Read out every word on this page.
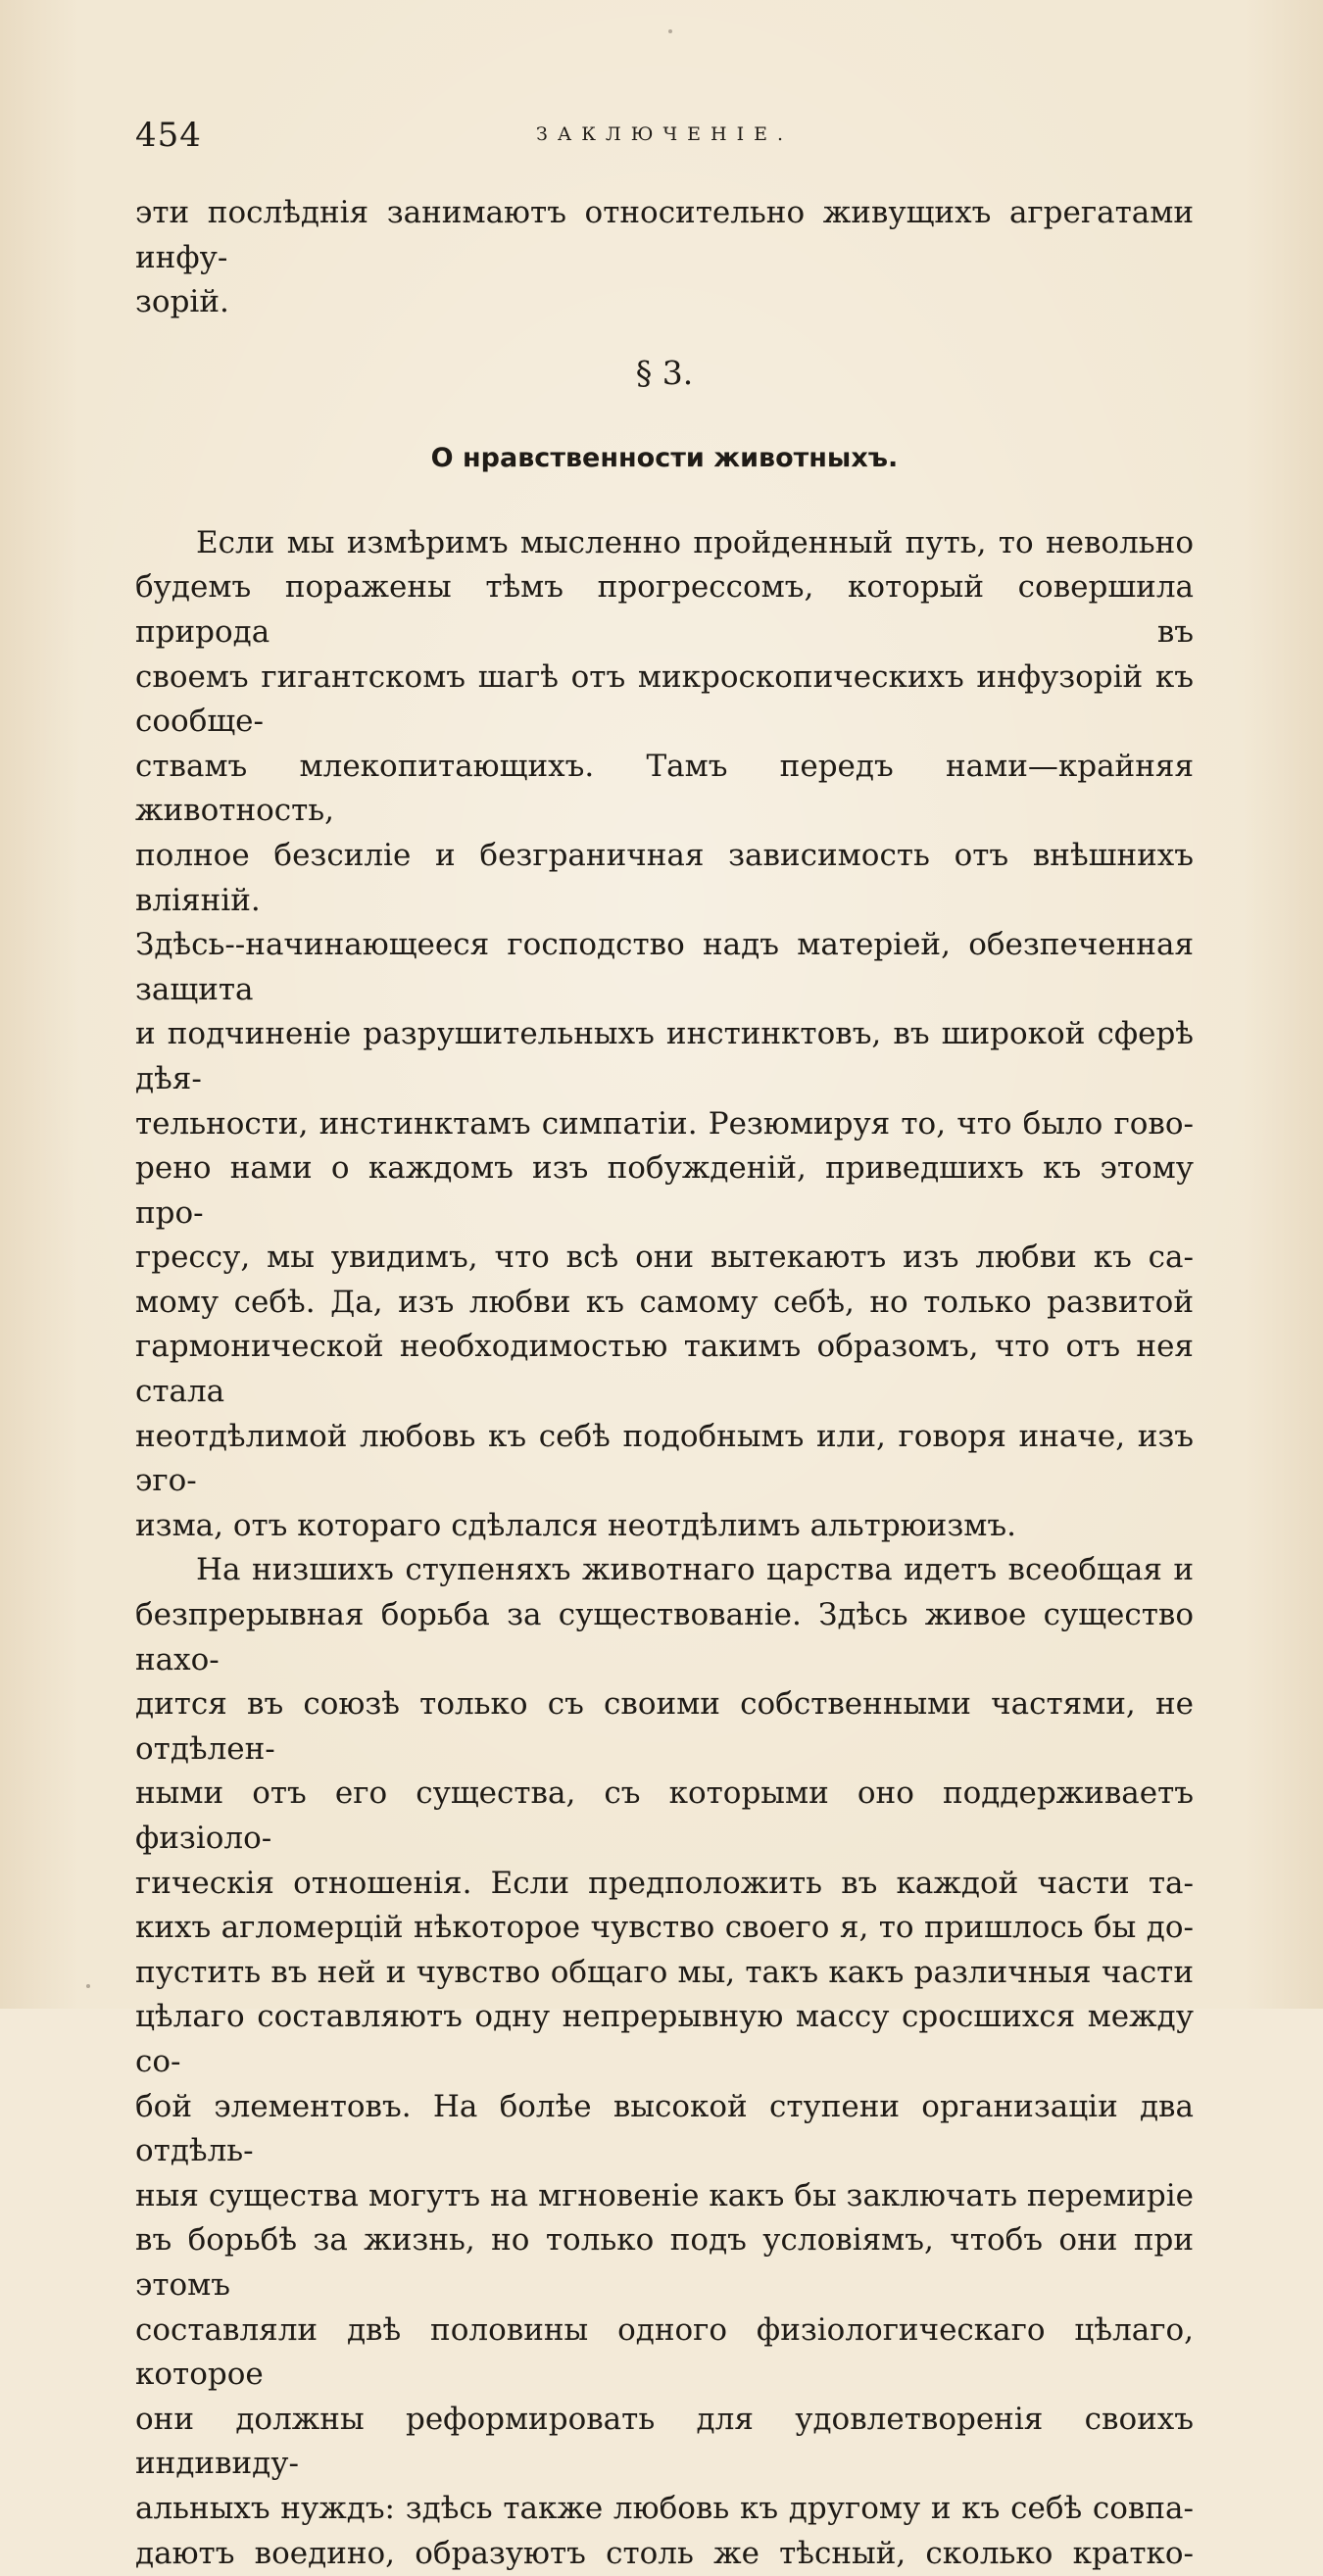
454	ЗАКЛЮЧЕНІЕ.

эти послѣднія занимаютъ относительно живущихъ агрегатами инфу-

зорій.

§ 3.
О нравственности животныхъ.

Если мы измѣримъ мысленно пройденный путь, то невольно

будемъ поражены тѣмъ прогрессомъ, который совершила природа въ

своемъ гигантскомъ шагѣ отъ микроскопическихъ инфузорій къ сообще-

ствамъ млекопитающихъ. Тамъ передъ нами—крайняя животность,

полное безсиліе и безграничная зависимость отъ внѣшнихъ вліяній.

Здѣсь--начинающееся господство надъ матеріей, обезпеченная защита

и подчиненіе разрушительныхъ инстинктовъ, въ широкой сферѣ дѣя-

тельности, инстинктамъ симпатіи. Резюмируя то, что было гово-

рено нами о каждомъ изъ побужденій, приведшихъ къ этому про-

грессу, мы увидимъ, что всѣ они вытекаютъ изъ любви къ са-

мому себѣ. Да, изъ любви къ самому себѣ, но только развитой

гармонической необходимостью такимъ образомъ, что отъ нея стала

неотдѣлимой любовь къ себѣ подобнымъ или, говоря иначе, изъ эго-

изма, отъ котораго сдѣлался неотдѣлимъ альтрюизмъ.

На низшихъ ступеняхъ животнаго царства идетъ всеобщая и

безпрерывная борьба за существованіе. Здѣсь живое существо нахо-

дится въ союзѣ только съ своими собственными частями, не отдѣлен-

ными отъ его существа, съ которыми оно поддерживаетъ физіоло-

гическія отношенія. Если предположить въ каждой части та-

кихъ агломерцій нѣкоторое чувство своего я, то пришлось бы до-

пустить въ ней и чувство общаго мы, такъ какъ различныя части

цѣлаго составляютъ одну непрерывную массу сросшихся между со-

бой элементовъ. На болѣе высокой ступени организаціи два отдѣль-

ныя существа могутъ на мгновеніе какъ бы заключать перемиріе

въ борьбѣ за жизнь, но только подъ условіямъ, чтобъ они при этомъ

составляли двѣ половины одного физіологическаго цѣлаго, которое

они должны реформировать для удовлетворенія своихъ индивиду-

альныхъ нуждъ: здѣсь также любовь къ другому и къ себѣ совпа-

даютъ воедино, образуютъ столь же тѣсный, сколько кратко-
